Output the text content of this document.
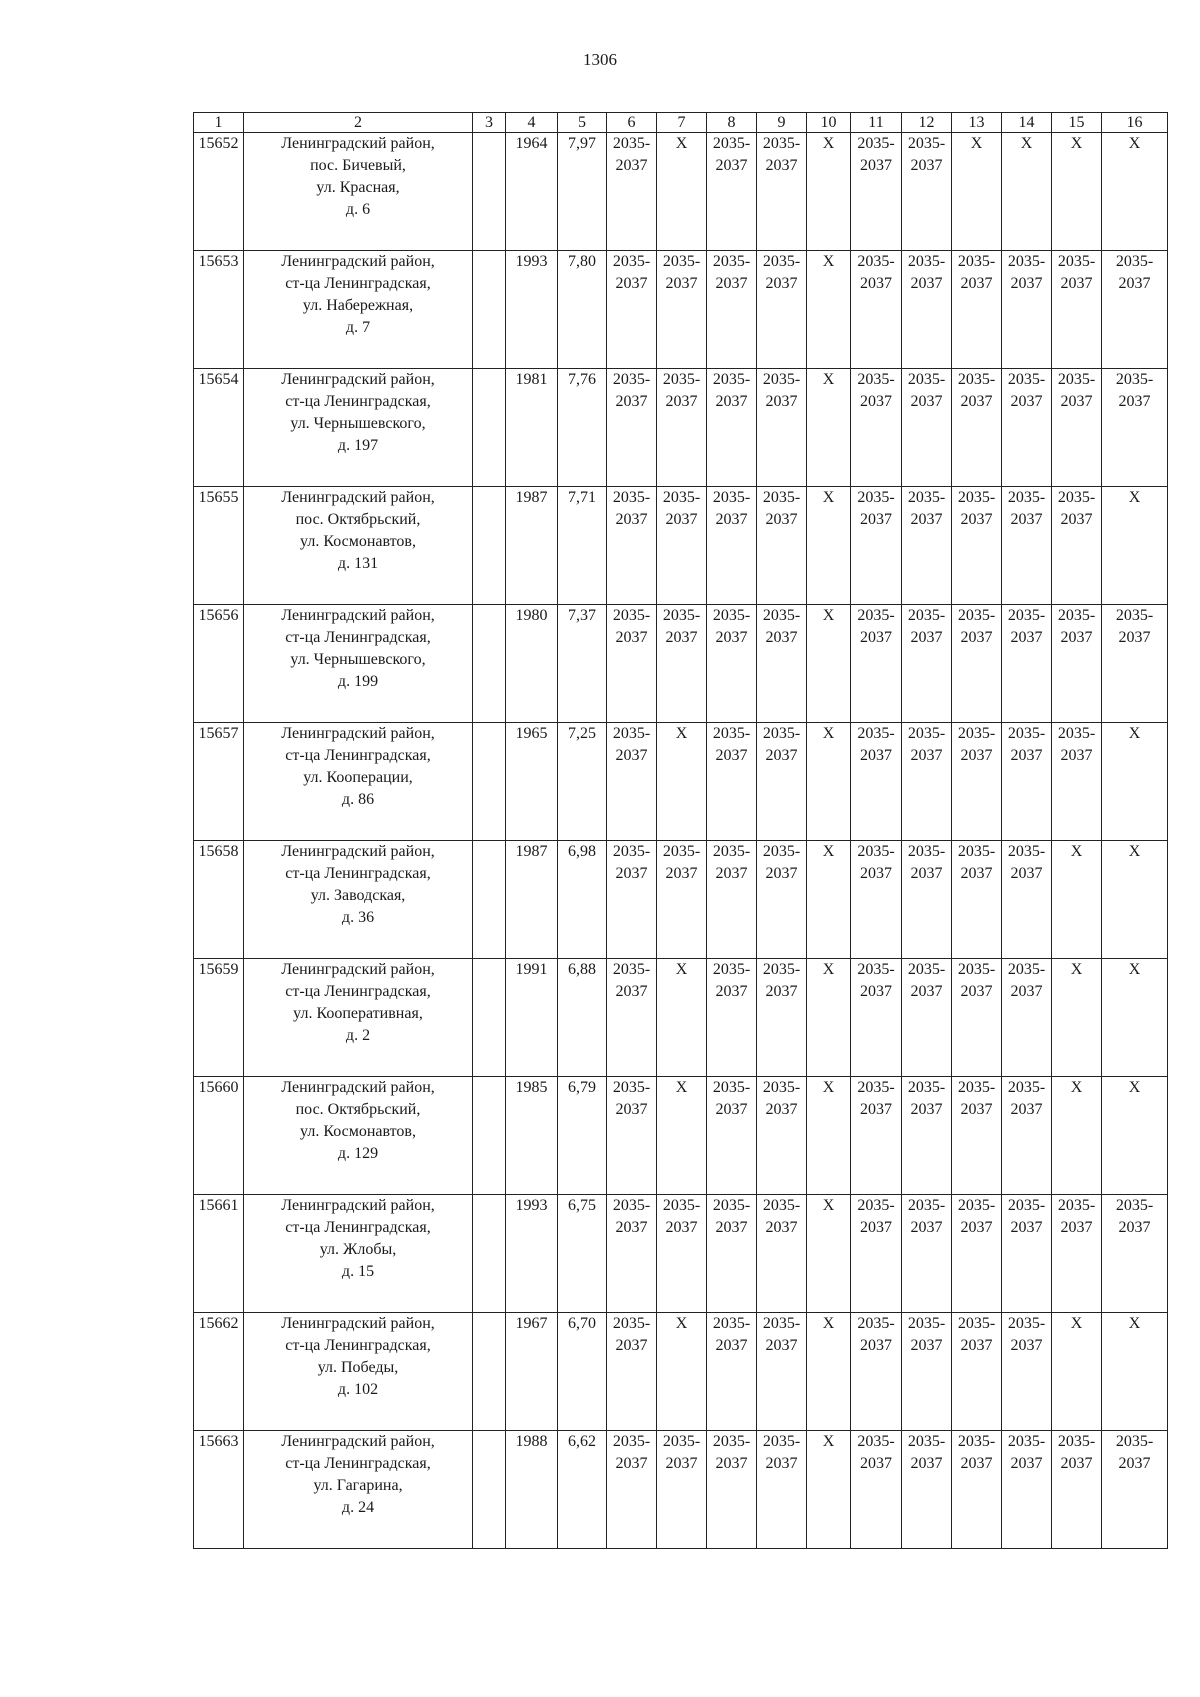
1306
1	2	3	4	5	6	7	8	9	10	11	12	13	14	15	16
15652	Ленинградский район,
пос. Бичевый,
ул. Красная,
д. 6		1964	7,97	2035-
2037	Х	2035-
2037	2035-
2037	Х	2035-
2037	2035-
2037	Х	Х	Х	Х

15653	Ленинградский район,
ст-ца Ленинградская,
ул. Набережная,
д. 7		1993	7,80	2035-
2037	2035-
2037	2035-
2037	2035-
2037	Х	2035-
2037	2035-
2037	2035-
2037	2035-
2037	2035-
2037	2035-
2037

15654	Ленинградский район,
ст-ца Ленинградская,
ул. Чернышевского,
д. 197		1981	7,76	2035-
2037	2035-
2037	2035-
2037	2035-
2037	Х	2035-
2037	2035-
2037	2035-
2037	2035-
2037	2035-
2037	2035-
2037

15655	Ленинградский район,
пос. Октябрьский,
ул. Космонавтов,
д. 131		1987	7,71	2035-
2037	2035-
2037	2035-
2037	2035-
2037	Х	2035-
2037	2035-
2037	2035-
2037	2035-
2037	2035-
2037	Х

15656	Ленинградский район,
ст-ца Ленинградская,
ул. Чернышевского,
д. 199		1980	7,37	2035-
2037	2035-
2037	2035-
2037	2035-
2037	Х	2035-
2037	2035-
2037	2035-
2037	2035-
2037	2035-
2037	2035-
2037

15657	Ленинградский район,
ст-ца Ленинградская,
ул. Кооперации,
д. 86		1965	7,25	2035-
2037	Х	2035-
2037	2035-
2037	Х	2035-
2037	2035-
2037	2035-
2037	2035-
2037	2035-
2037	Х

15658	Ленинградский район,
ст-ца Ленинградская,
ул. Заводская,
д. 36		1987	6,98	2035-
2037	2035-
2037	2035-
2037	2035-
2037	Х	2035-
2037	2035-
2037	2035-
2037	2035-
2037	Х	Х

15659	Ленинградский район,
ст-ца Ленинградская,
ул. Кооперативная,
д. 2		1991	6,88	2035-
2037	Х	2035-
2037	2035-
2037	Х	2035-
2037	2035-
2037	2035-
2037	2035-
2037	Х	Х

15660	Ленинградский район,
пос. Октябрьский,
ул. Космонавтов,
д. 129		1985	6,79	2035-
2037	Х	2035-
2037	2035-
2037	Х	2035-
2037	2035-
2037	2035-
2037	2035-
2037	Х	Х

15661	Ленинградский район,
ст-ца Ленинградская,
ул. Жлобы,
д. 15		1993	6,75	2035-
2037	2035-
2037	2035-
2037	2035-
2037	Х	2035-
2037	2035-
2037	2035-
2037	2035-
2037	2035-
2037	2035-
2037

15662	Ленинградский район,
ст-ца Ленинградская,
ул. Победы,
д. 102		1967	6,70	2035-
2037	Х	2035-
2037	2035-
2037	Х	2035-
2037	2035-
2037	2035-
2037	2035-
2037	Х	Х

15663	Ленинградский район,
ст-ца Ленинградская,
ул. Гагарина,
д. 24		1988	6,62	2035-
2037	2035-
2037	2035-
2037	2035-
2037	Х	2035-
2037	2035-
2037	2035-
2037	2035-
2037	2035-
2037	2035-
2037
